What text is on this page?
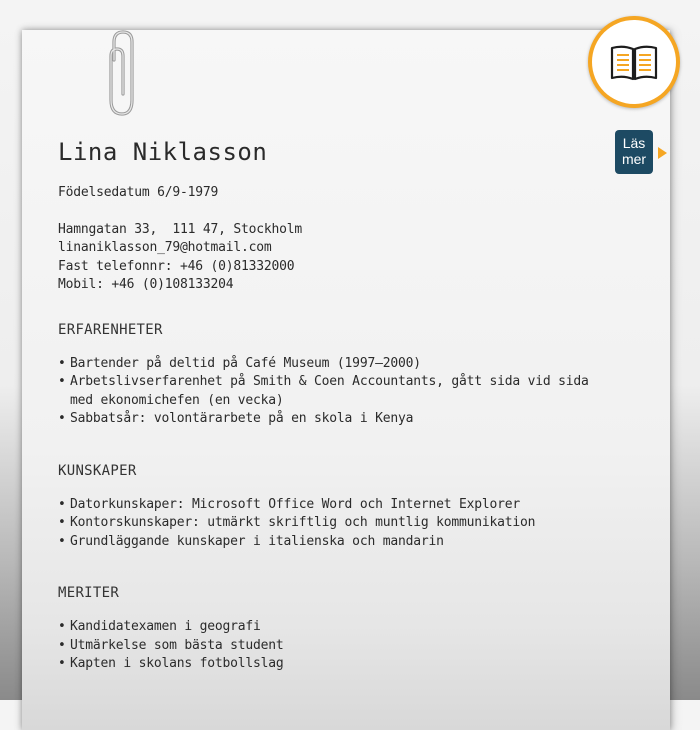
Lina Niklasson
Födelsedatum 6/9-1979
Hamngatan 33,  111 47, Stockholm
linaniklasson_79@hotmail.com
Fast telefonnr: +46 (0)81332000
Mobil: +46 (0)108133204
ERFARENHETER
• Bartender på deltid på Café Museum (1997–2000)
• Arbetslivserfarenhet på Smith & Coen Accountants, gått sida vid sida
med ekonomichefen (en vecka)
• Sabbatsår: volontärarbete på en skola i Kenya
KUNSKAPER
• Datorkunskaper: Microsoft Office Word och Internet Explorer
• Kontorskunskaper: utmärkt skriftlig och muntlig kommunikation
• Grundläggande kunskaper i italienska och mandarin
MERITER
• Kandidatexamen i geografi
• Utmärkelse som bästa student
• Kapten i skolans fotbollslag
Läs
mer
